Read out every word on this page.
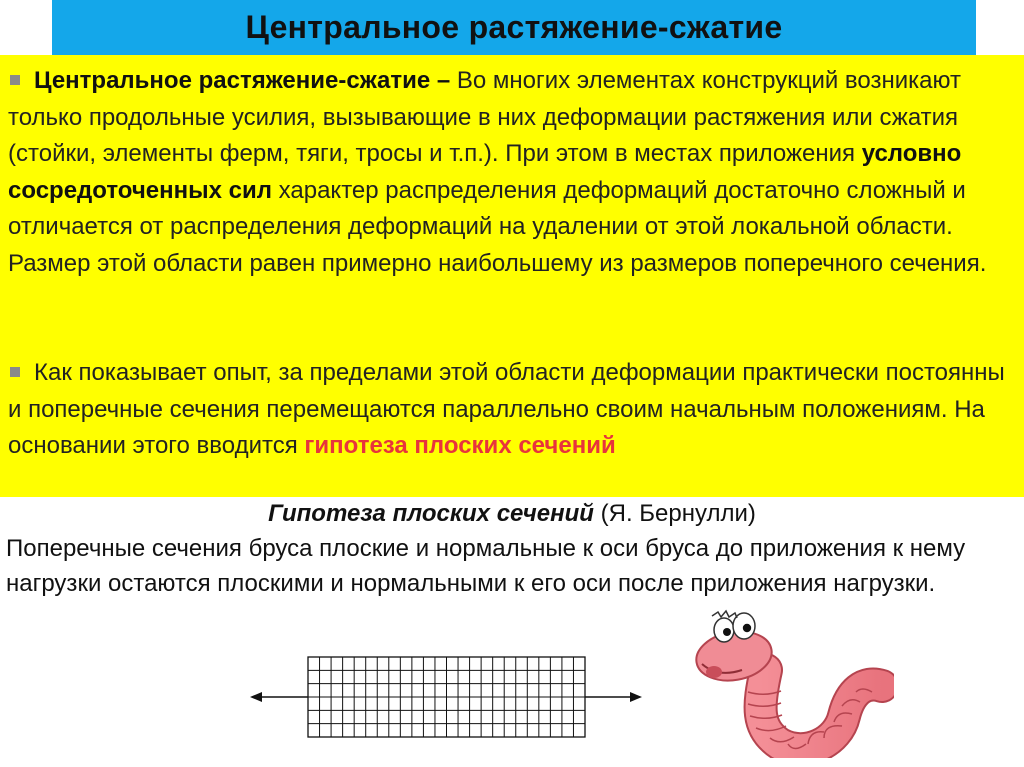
Центральное растяжение-сжатие

Центральное растяжение-сжатие – Во многих элементах конструкций возникают только продольные усилия, вызывающие в них деформации растяжения или сжатия (стойки, элементы ферм, тяги, тросы и т.п.). При этом в местах приложения условно сосредоточенных сил характер распределения деформаций достаточно сложный и отличается от распределения деформаций на удалении от этой локальной области. Размер этой области равен примерно наибольшему из размеров поперечного сечения.

Как показывает опыт, за пределами этой области деформации практически постоянны и поперечные сечения перемещаются параллельно своим начальным положениям. На основании этого вводится гипотеза плоских сечений

Гипотеза плоских сечений (Я. Бернулли)

Поперечные сечения бруса плоские и нормальные к оси бруса до приложения к нему нагрузки остаются плоскими и нормальными к его оси после приложения нагрузки.
